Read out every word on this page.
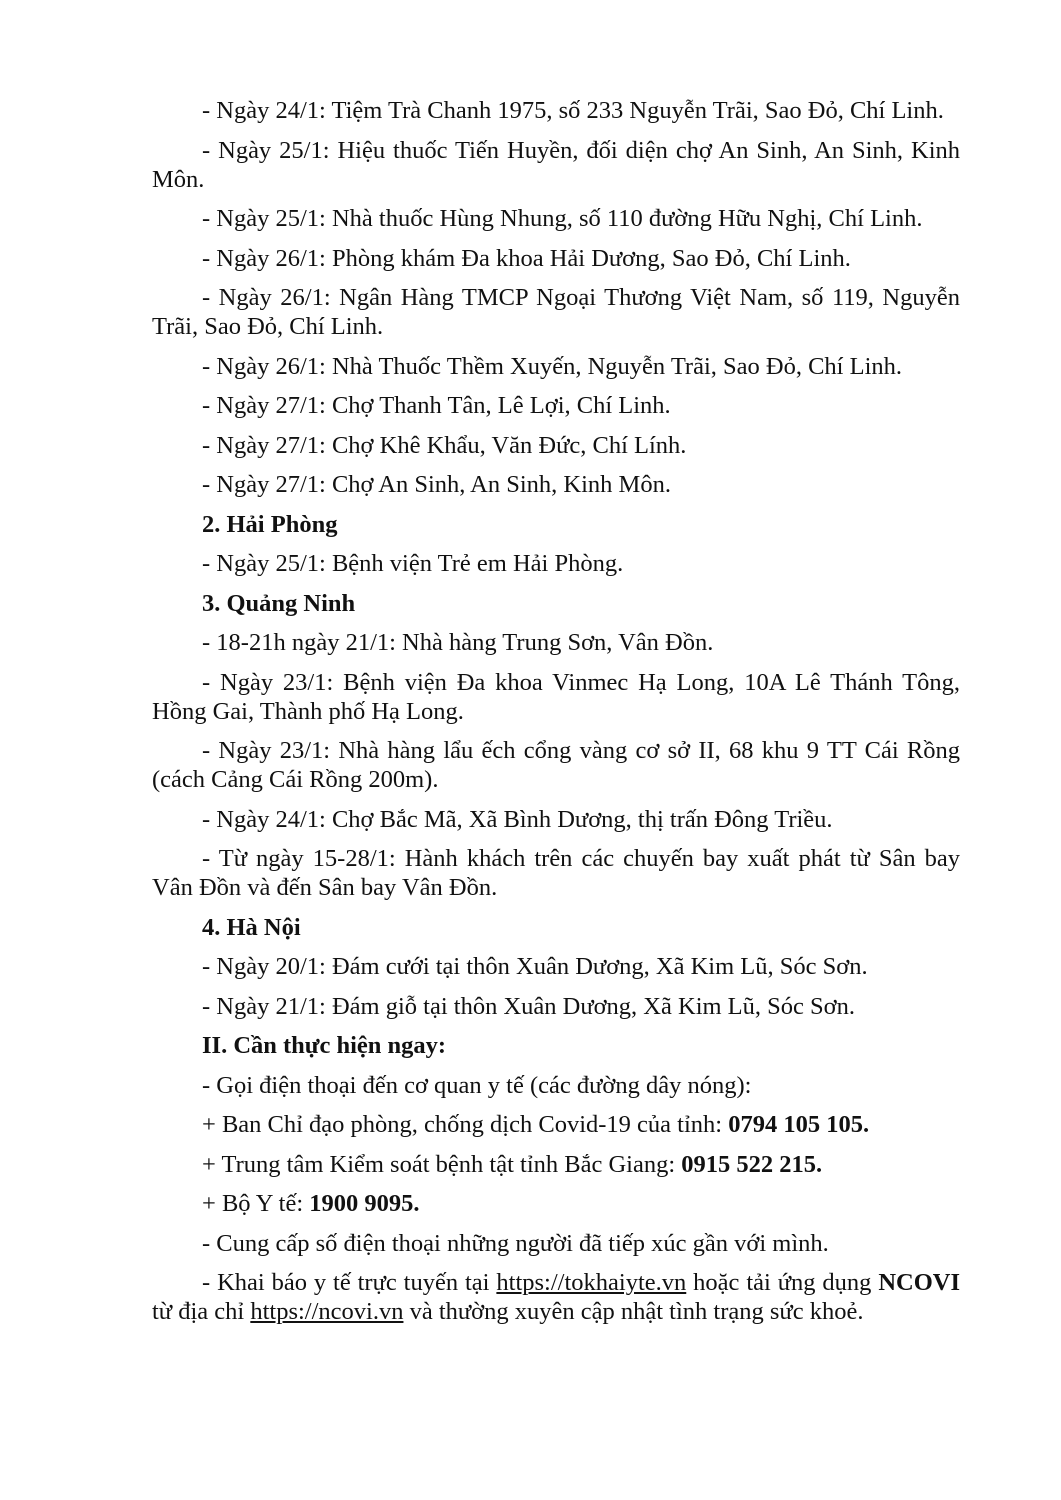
- Ngày 24/1: Tiệm Trà Chanh 1975, số 233 Nguyễn Trãi, Sao Đỏ, Chí Linh.

- Ngày 25/1: Hiệu thuốc Tiến Huyền, đối diện chợ An Sinh, An Sinh, Kinh Môn.

- Ngày 25/1: Nhà thuốc Hùng Nhung, số 110 đường Hữu Nghị, Chí Linh.

- Ngày 26/1: Phòng khám Đa khoa Hải Dương, Sao Đỏ, Chí Linh.

- Ngày 26/1: Ngân Hàng TMCP Ngoại Thương Việt Nam, số 119, Nguyễn Trãi, Sao Đỏ, Chí Linh.

- Ngày 26/1: Nhà Thuốc Thềm Xuyến, Nguyễn Trãi, Sao Đỏ, Chí Linh.

- Ngày 27/1: Chợ Thanh Tân, Lê Lợi, Chí Linh.

- Ngày 27/1: Chợ Khê Khẩu, Văn Đức, Chí Lính.

- Ngày 27/1: Chợ An Sinh, An Sinh, Kinh Môn.

2. Hải Phòng

- Ngày 25/1: Bệnh viện Trẻ em Hải Phòng.

3. Quảng Ninh

- 18-21h ngày 21/1: Nhà hàng Trung Sơn, Vân Đồn.

- Ngày 23/1: Bệnh viện Đa khoa Vinmec Hạ Long, 10A Lê Thánh Tông, Hồng Gai, Thành phố Hạ Long.

- Ngày 23/1: Nhà hàng lẩu ếch cổng vàng cơ sở II, 68 khu 9 TT Cái Rồng (cách Cảng Cái Rồng 200m).

- Ngày 24/1: Chợ Bắc Mã, Xã Bình Dương, thị trấn Đông Triều.

- Từ ngày 15-28/1: Hành khách trên các chuyến bay xuất phát từ Sân bay Vân Đồn và đến Sân bay Vân Đồn.

4. Hà Nội

- Ngày 20/1: Đám cưới tại thôn Xuân Dương, Xã Kim Lũ, Sóc Sơn.

- Ngày 21/1: Đám giỗ tại thôn Xuân Dương, Xã Kim Lũ, Sóc Sơn.

II. Cần thực hiện ngay:

- Gọi điện thoại đến cơ quan y tế (các đường dây nóng):

+ Ban Chỉ đạo phòng, chống dịch Covid-19 của tỉnh: 0794 105 105.

+ Trung tâm Kiểm soát bệnh tật tỉnh Bắc Giang: 0915 522 215.

+ Bộ Y tế: 1900 9095.

- Cung cấp số điện thoại những người đã tiếp xúc gần với mình.

- Khai báo y tế trực tuyến tại https://tokhaiyte.vn hoặc tải ứng dụng NCOVI từ địa chỉ https://ncovi.vn và thường xuyên cập nhật tình trạng sức khoẻ.
